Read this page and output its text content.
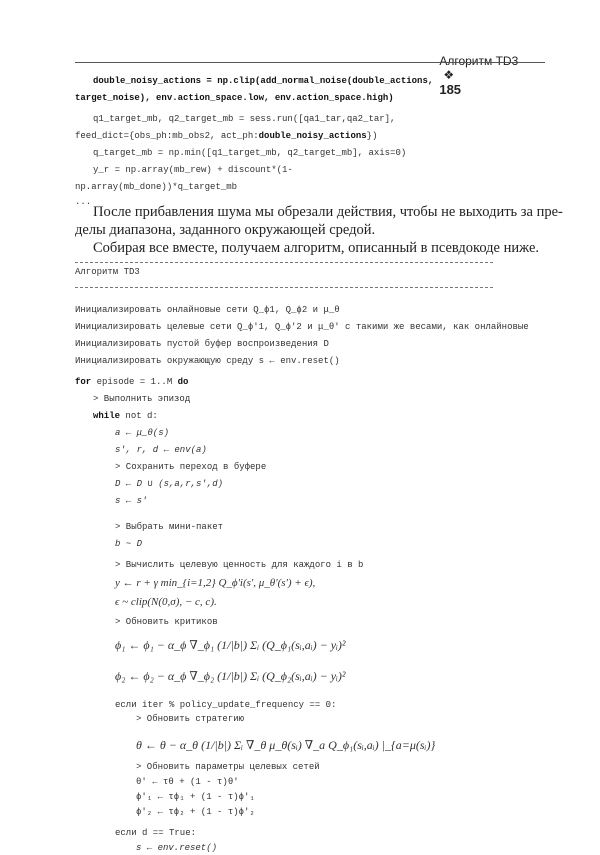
Алгоритм TD3
❖
185

double_noisy_actions = np.clip(add_normal_noise(double_actions,
target_noise), env.action_space.low, env.action_space.high)
q1_target_mb, q2_target_mb = sess.run([qa1_tar,qa2_tar],
feed_dict={obs_ph:mb_obs2, act_ph:double_noisy_actions})
q_target_mb = np.min([q1_target_mb, q2_target_mb], axis=0)
y_r = np.array(mb_rew) + discount*(1-
np.array(mb_done))*q_target_mb
...
После прибавления шума мы обрезали действия, чтобы не выходить за пре-
делы диапазона, заданного окружающей средой.
Собирая все вместе, получаем алгоритм, описанный в псевдокоде ниже.
Алгоритм TD3
Инициализировать онлайновые сети Q_ϕ1, Q_ϕ2 и μ_θ
Инициализировать целевые сети Q_ϕ'1, Q_ϕ'2 и μ_θ' с такими же весами, как онлайновые
Инициализировать пустой буфер воспроизведения D
Инициализировать окружающую среду s ← env.reset()
for episode = 1..M do
> Выполнить эпизод
while not d:
a ← μ_θ(s)
s', r, d ← env(a)
> Сохранить переход в буфере
D ← D ∪ (s,a,r,s',d)
s ← s'
> Выбрать мини-пакет
b ~ D
> Вычислить целевую ценность для каждого i в b
y ← r + γ min_{i=1,2} Q_ϕ'i(s', μ_θ'(s') + ϵ),
ϵ ~ clip(N(0,σ), − c, c).
> Обновить критиков
ϕ₁ ← ϕ₁ − α_ϕ ∇_ϕ₁ (1/|b|) Σᵢ (Q_ϕ₁(sᵢ,aᵢ) − yᵢ)²
ϕ₂ ← ϕ₂ − α_ϕ ∇_ϕ₂ (1/|b|) Σᵢ (Q_ϕ₂(sᵢ,aᵢ) − yᵢ)²
если iter % policy_update_frequency == 0:
> Обновить стратегию
θ ← θ − α_θ (1/|b|) Σᵢ ∇_θ μ_θ(sᵢ) ∇_a Q_ϕ₁(sᵢ,aᵢ) |_{a=μ(sᵢ)}
> Обновить параметры целевых сетей
θ' ← τθ + (1 - τ)θ'
ϕ'₁ ← τϕ₁ + (1 - τ)ϕ'₁
ϕ'₂ ← τϕ₂ + (1 - τ)ϕ'₂
если d == True:
s ← env.reset()
